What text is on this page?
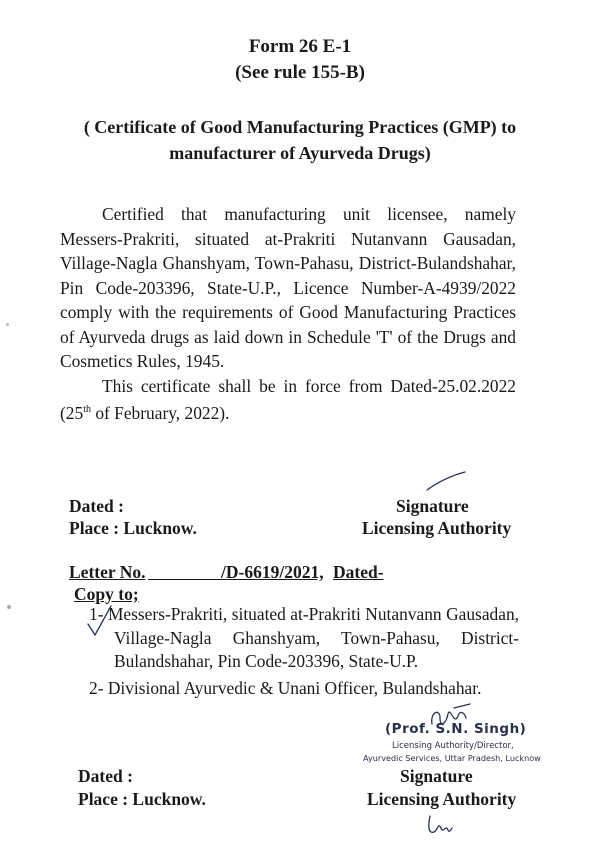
Form 26 E-1
(See rule 155-B)
( Certificate of Good Manufacturing Practices (GMP) to
manufacturer of Ayurveda Drugs)
Certified that manufacturing unit licensee, namely
Messers-Prakriti, situated at-Prakriti Nutanvann Gausadan,
Village-Nagla Ghanshyam, Town-Pahasu, District-Bulandshahar,
Pin Code-203396, State-U.P., Licence Number-A-4939/2022
comply with the requirements of Good Manufacturing Practices
of Ayurveda drugs as laid down in Schedule 'T' of the Drugs and
Cosmetics Rules, 1945.
This certificate shall be in force from Dated-25.02.2022
(25th of February, 2022).
Dated :
Place : Lucknow.
Signature
Licensing Authority
Letter No.	/D-6619/2021, Dated-
Copy to;
1- Messers-Prakriti, situated at-Prakriti Nutanvann Gausadan,
Village-Nagla Ghanshyam, Town-Pahasu, District-
Bulandshahar, Pin Code-203396, State-U.P.
2- Divisional Ayurvedic & Unani Officer, Bulandshahar.
(Prof. S.N. Singh)
Licensing Authority/Director,
Ayurvedic Services, Uttar Pradesh, Lucknow
Dated :
Place : Lucknow.
Signature
Licensing Authority
